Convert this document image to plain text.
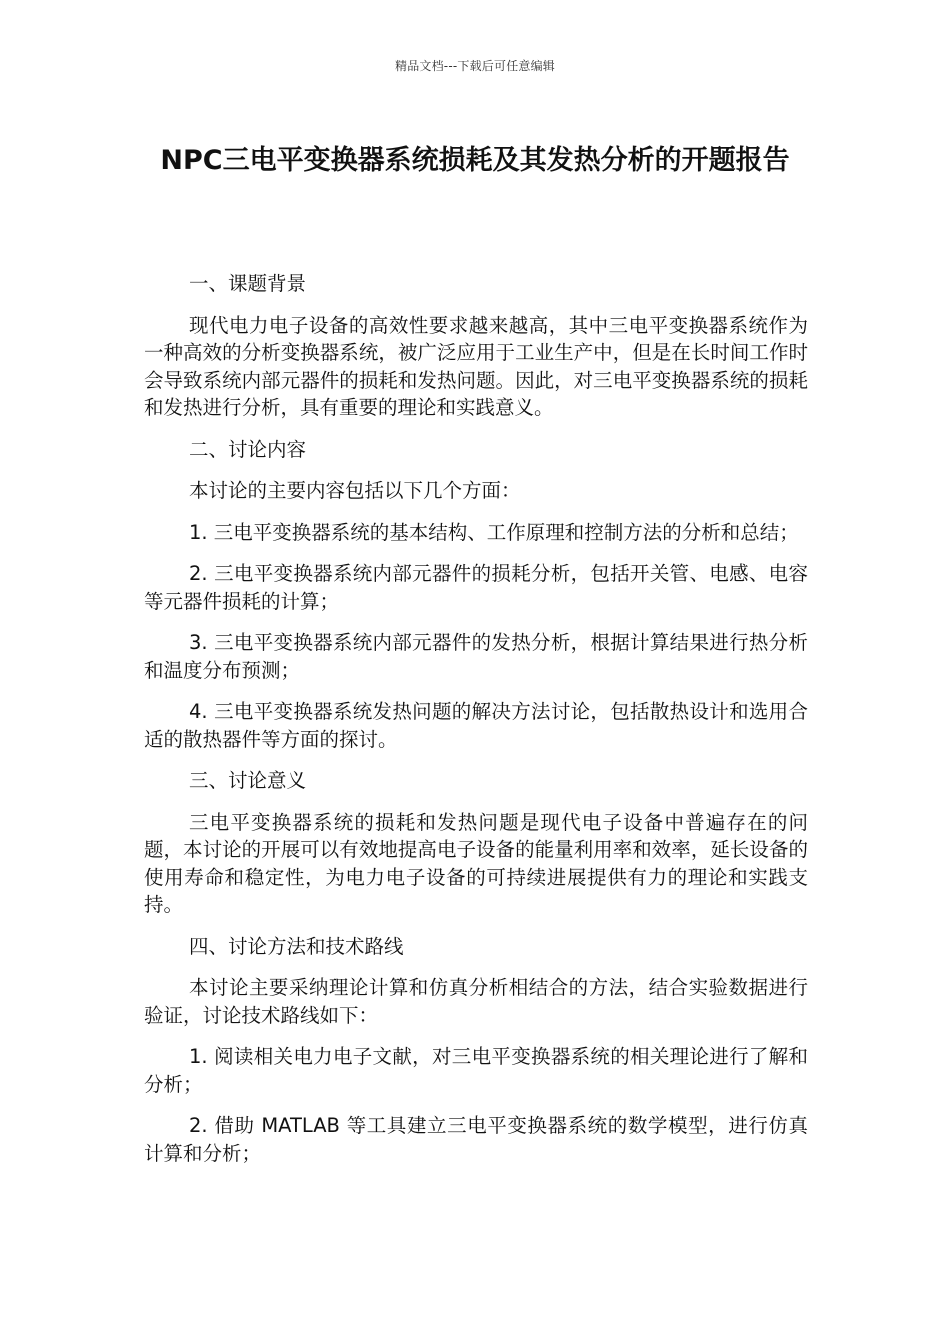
精品文档---下载后可任意编辑
NPC三电平变换器系统损耗及其发热分析的开题报告

一、课题背景

现代电力电子设备的高效性要求越来越高，其中三电平变换器系统作为一种高效的分析变换器系统，被广泛应用于工业生产中，但是在长时间工作时会导致系统内部元器件的损耗和发热问题。因此，对三电平变换器系统的损耗和发热进行分析，具有重要的理论和实践意义。

二、讨论内容

本讨论的主要内容包括以下几个方面：

1. 三电平变换器系统的基本结构、工作原理和控制方法的分析和总结；

2. 三电平变换器系统内部元器件的损耗分析，包括开关管、电感、电容等元器件损耗的计算；

3. 三电平变换器系统内部元器件的发热分析，根据计算结果进行热分析和温度分布预测；

4. 三电平变换器系统发热问题的解决方法讨论，包括散热设计和选用合适的散热器件等方面的探讨。

三、讨论意义

三电平变换器系统的损耗和发热问题是现代电子设备中普遍存在的问题，本讨论的开展可以有效地提高电子设备的能量利用率和效率，延长设备的使用寿命和稳定性，为电力电子设备的可持续进展提供有力的理论和实践支持。

四、讨论方法和技术路线

本讨论主要采纳理论计算和仿真分析相结合的方法，结合实验数据进行验证，讨论技术路线如下：

1. 阅读相关电力电子文献，对三电平变换器系统的相关理论进行了解和分析；

2. 借助 MATLAB 等工具建立三电平变换器系统的数学模型，进行仿真计算和分析；
